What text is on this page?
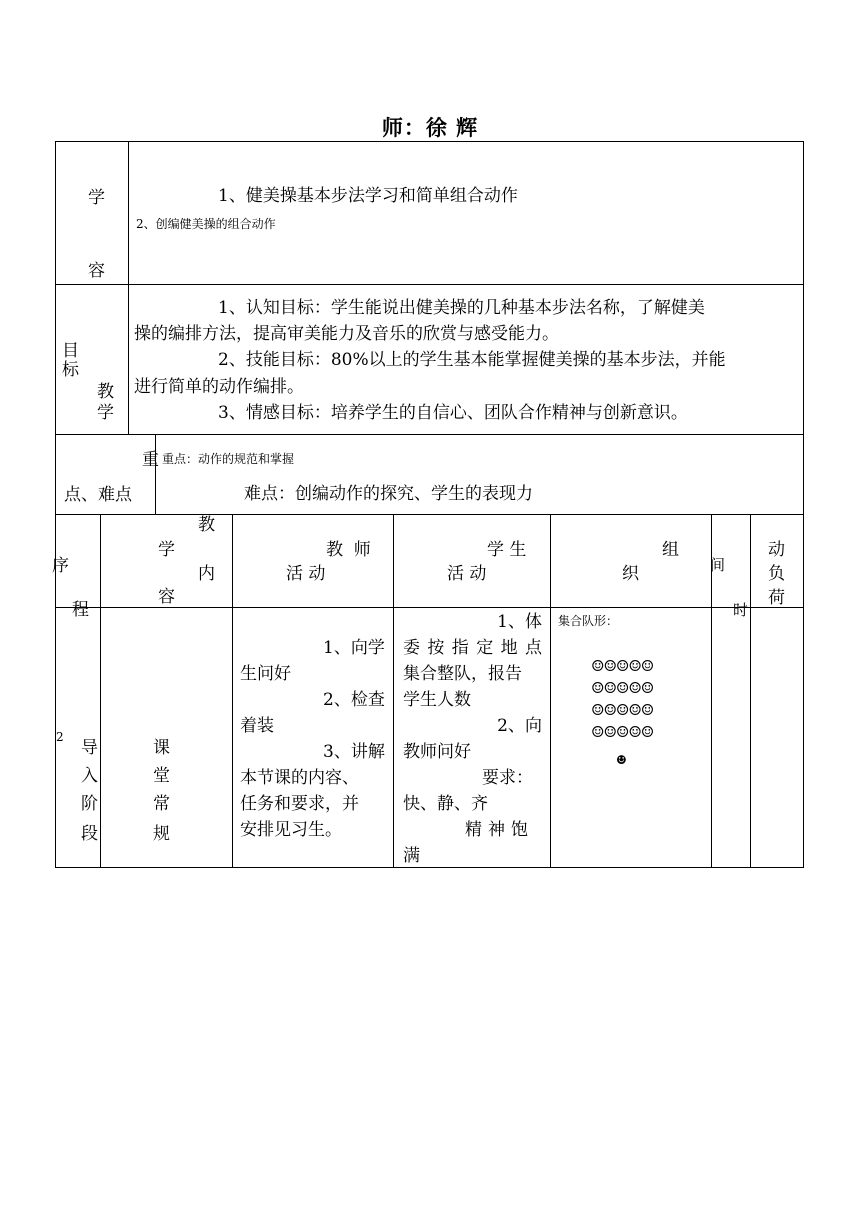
师：徐 辉
学
容
1、健美操基本步法学习和简单组合动作
2、创编健美操的组合动作
目
标
教
学
1、认知目标：学生能说出健美操的几种基本步法名称，了解健美
操的编排方法，提高审美能力及音乐的欣赏与感受能力。
2、技能目标：80%以上的学生基本能掌握健美操的基本步法，并能
进行简单的动作编排。
3、情感目标：培养学生的自信心、团队合作精神与创新意识。
重
点、难点
重点：动作的规范和掌握
难点：创编动作的探究、学生的表现力
序
程
教
学
内
容
教  师
活 动
学 生
活 动
组
织	间
时
动
负
荷
2
导
入
阶
段
课
堂
常
规
1、向学
生问好
2、检查
着装
3、讲解
本节课的内容、
任务和要求，并
安排见习生。
1、体
委按指定地点
集合整队，报告
学生人数
2、向
教师问好
要求：
快、静、齐
精神饱
满
集合队形：
☺☺☺☺☺
☺☺☺☺☺
☺☺☺☺☺
☺☺☺☺☺
☻
